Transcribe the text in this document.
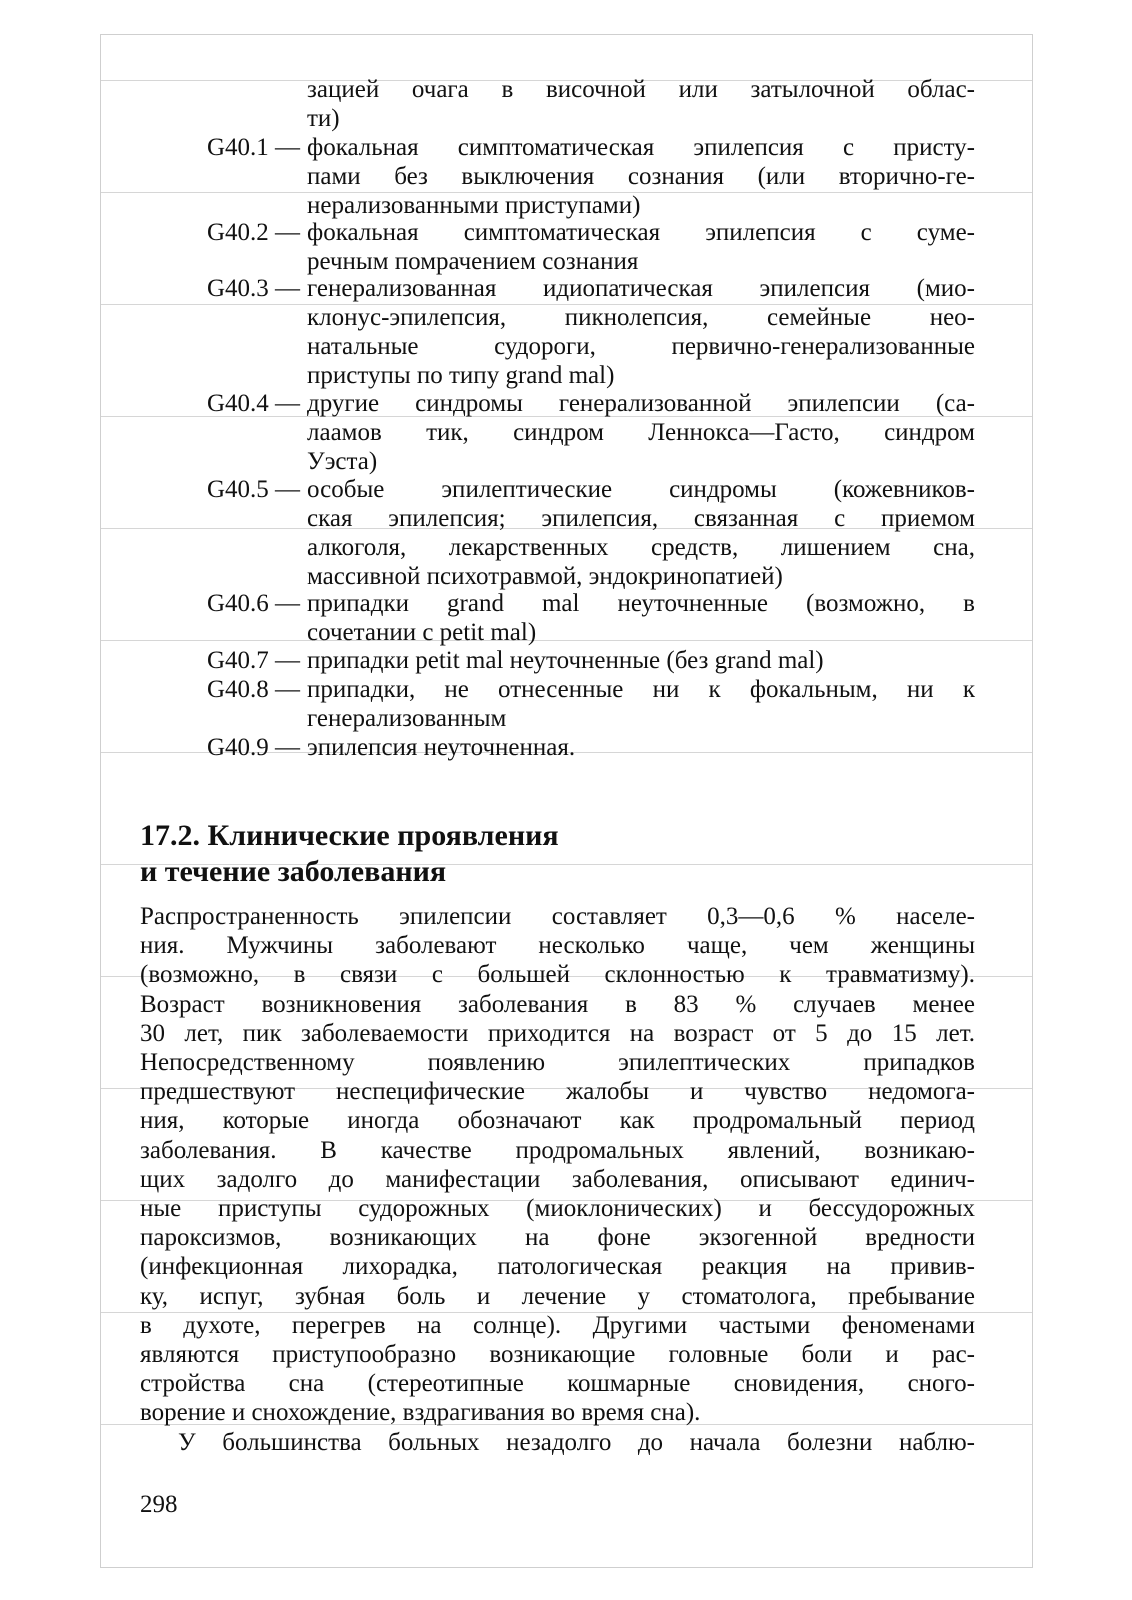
зацией очага в височной или затылочной облас-
ти)
G40.1 — фокальная симптоматическая эпилепсия с присту-
пами без выключения сознания (или вторично-ге-
нерализованными приступами)
G40.2 — фокальная симптоматическая эпилепсия с суме-
речным помрачением сознания
G40.3 — генерализованная идиопатическая эпилепсия (мио-
клонус-эпилепсия, пикнолепсия, семейные нео-
натальные судороги, первично-генерализованные
приступы по типу grand mal)
G40.4 — другие синдромы генерализованной эпилепсии (са-
лаамов тик, синдром Леннокса—Гасто, синдром
Уэста)
G40.5 — особые эпилептические синдромы (кожевников-
ская эпилепсия; эпилепсия, связанная с приемом
алкоголя, лекарственных средств, лишением сна,
массивной психотравмой, эндокринопатией)
G40.6 — припадки grand mal неуточненные (возможно, в
сочетании с petit mal)
G40.7 — припадки petit mal неуточненные (без grand mal)
G40.8 — припадки, не отнесенные ни к фокальным, ни к
генерализованным
G40.9 — эпилепсия неуточненная.
17.2. Клинические проявления
и течение заболевания
Распространенность эпилепсии составляет 0,3—0,6 % населе-
ния. Мужчины заболевают несколько чаще, чем женщины
(возможно, в связи с большей склонностью к травматизму).
Возраст возникновения заболевания в 83 % случаев менее
30 лет, пик заболеваемости приходится на возраст от 5 до 15 лет.
Непосредственному появлению эпилептических припадков
предшествуют неспецифические жалобы и чувство недомога-
ния, которые иногда обозначают как продромальный период
заболевания. В качестве продромальных явлений, возникаю-
щих задолго до манифестации заболевания, описывают единич-
ные приступы судорожных (миоклонических) и бессудорожных
пароксизмов, возникающих на фоне экзогенной вредности
(инфекционная лихорадка, патологическая реакция на привив-
ку, испуг, зубная боль и лечение у стоматолога, пребывание
в духоте, перегрев на солнце). Другими частыми феноменами
являются приступообразно возникающие головные боли и рас-
стройства сна (стереотипные кошмарные сновидения, сного-
ворение и снохождение, вздрагивания во время сна).
У большинства больных незадолго до начала болезни наблю-
298
